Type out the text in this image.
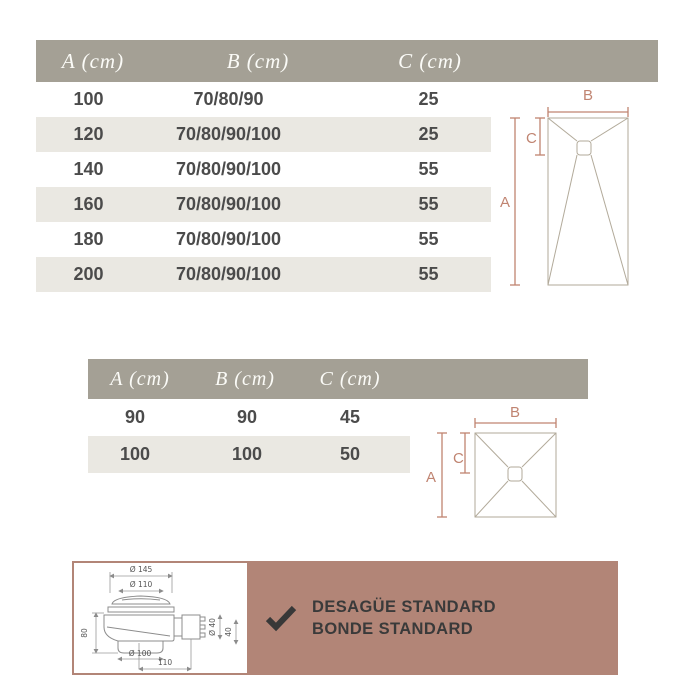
A (cm)	B (cm)	C (cm)
100	70/80/90	25
120	70/80/90/100	25
140	70/80/90/100	55
160	70/80/90/100	55
180	70/80/90/100	55
200	70/80/90/100	55
B
A
C
A (cm)	B (cm)	C (cm)
90	90	45
100	100	50
B
A
C
Ø 145
Ø 110
80	Ø 40 40
Ø 100
110
DESAGÜE STANDARD
BONDE STANDARD
